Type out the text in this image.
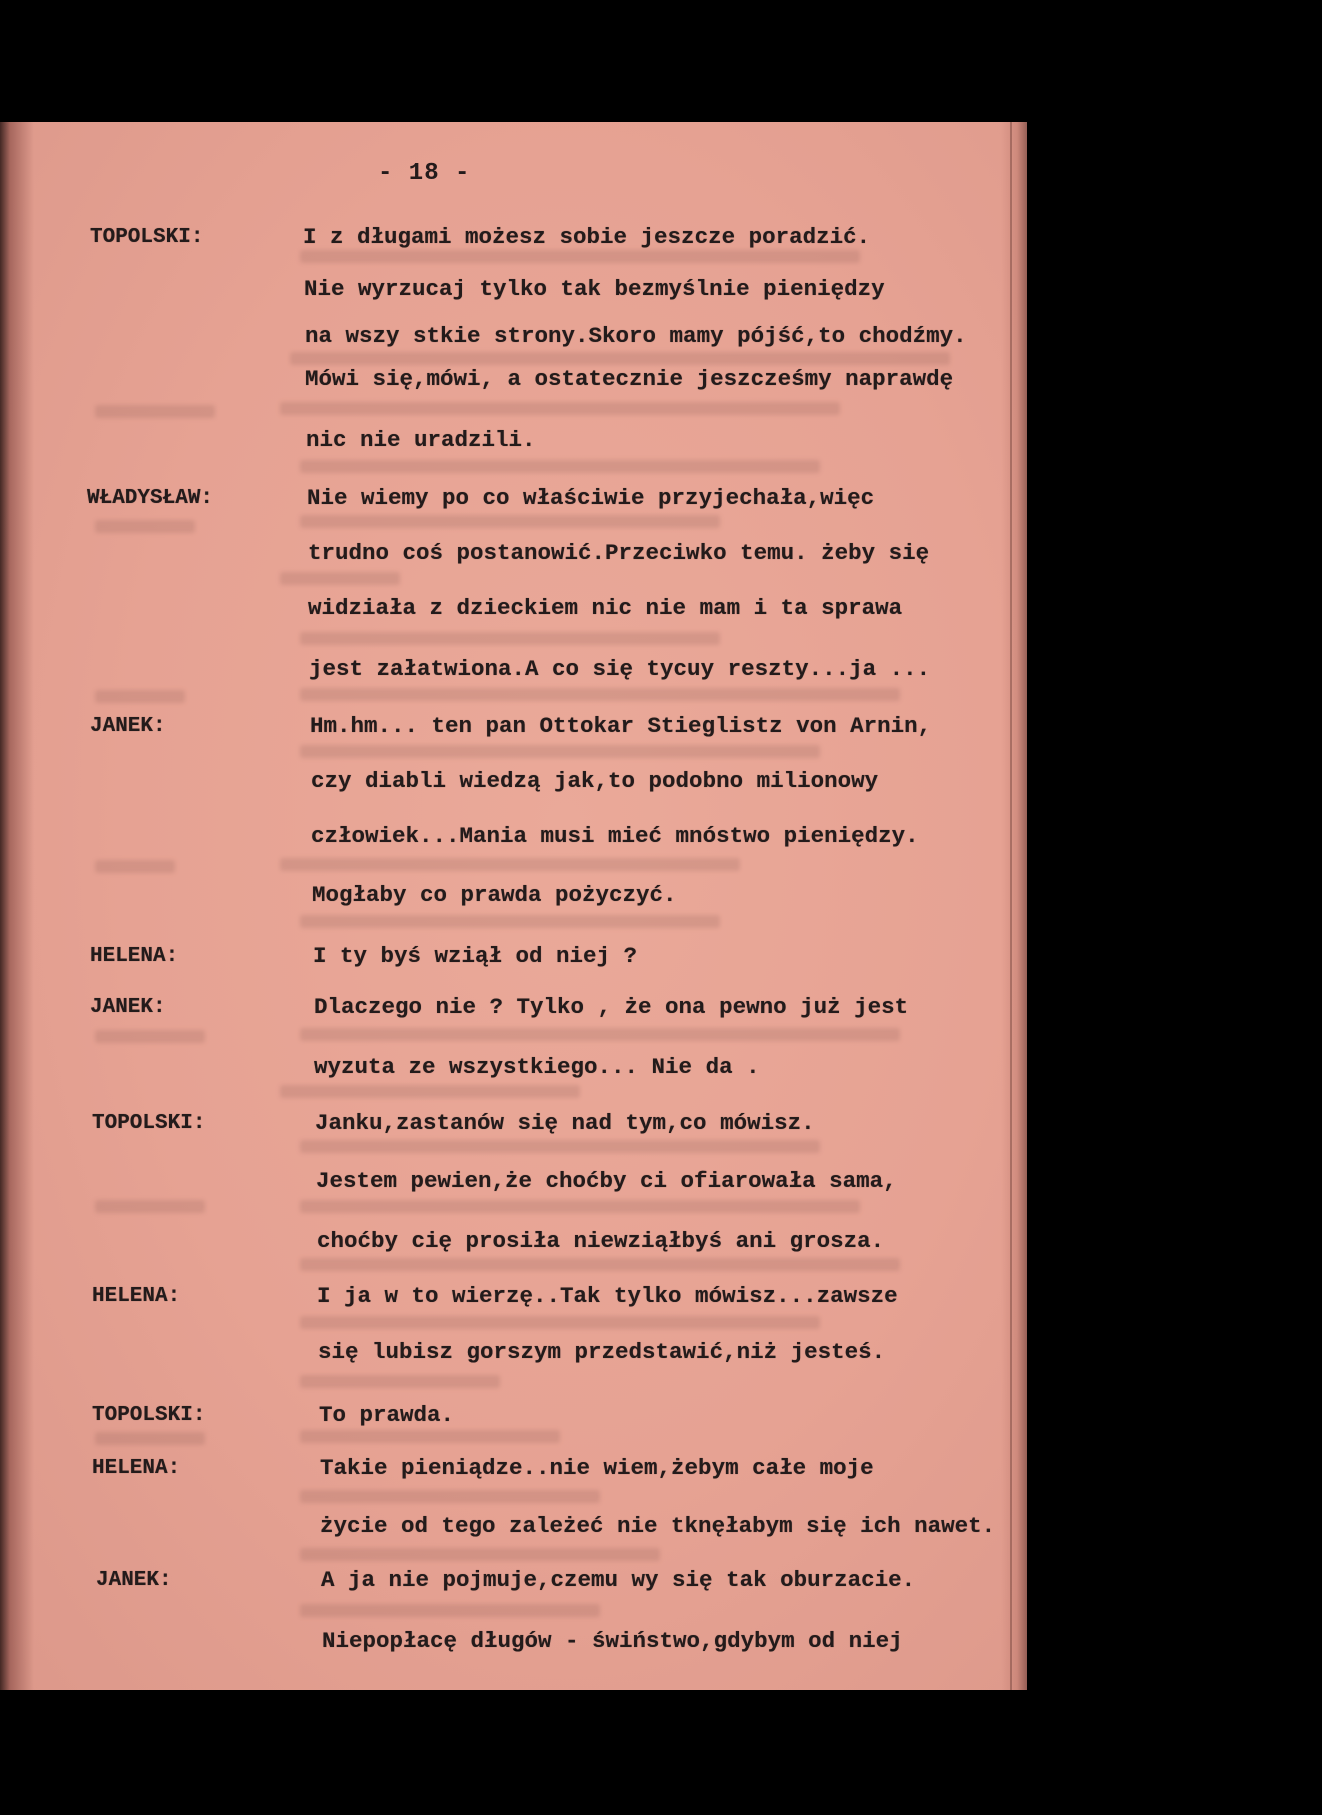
- 18 -
TOPOLSKI:	I z długami możesz sobie jeszcze poradzić.
Nie wyrzucaj tylko tak bezmyślnie pieniędzy
na wszy stkie strony.Skoro mamy pójść,to chodźmy.
Mówi się,mówi, a ostatecznie jeszcześmy naprawdę
nic nie uradzili.
WŁADYSŁAW:	Nie wiemy po co właściwie przyjechała,więc
trudno coś postanowić.Przeciwko temu. żeby się
widziała z dzieckiem nic nie mam i ta sprawa
jest załatwiona.A co się tycuy reszty...ja ...
JANEK:	Hm.hm... ten pan Ottokar Stieglistz von Arnin,
czy diabli wiedzą jak,to podobno milionowy
człowiek...Mania musi mieć mnóstwo pieniędzy.
Mogłaby co prawda pożyczyć.
HELENA:	I ty byś wziął od niej ?
JANEK:	Dlaczego nie ? Tylko , że ona pewno już jest
wyzuta ze wszystkiego... Nie da .
TOPOLSKI:	Janku,zastanów się nad tym,co mówisz.
Jestem pewien,że choćby ci ofiarowała sama,
choćby cię prosiła niewziąłbyś ani grosza.
HELENA:	I ja w to wierzę..Tak tylko mówisz...zawsze
się lubisz gorszym przedstawić,niż jesteś.
TOPOLSKI:	To prawda.
HELENA:	Takie pieniądze..nie wiem,żebym całe moje
życie od tego zależeć nie tknęłabym się ich nawet.
JANEK:	A ja nie pojmuje,czemu wy się tak oburzacie.
Niepopłacę długów - świństwo,gdybym od niej
